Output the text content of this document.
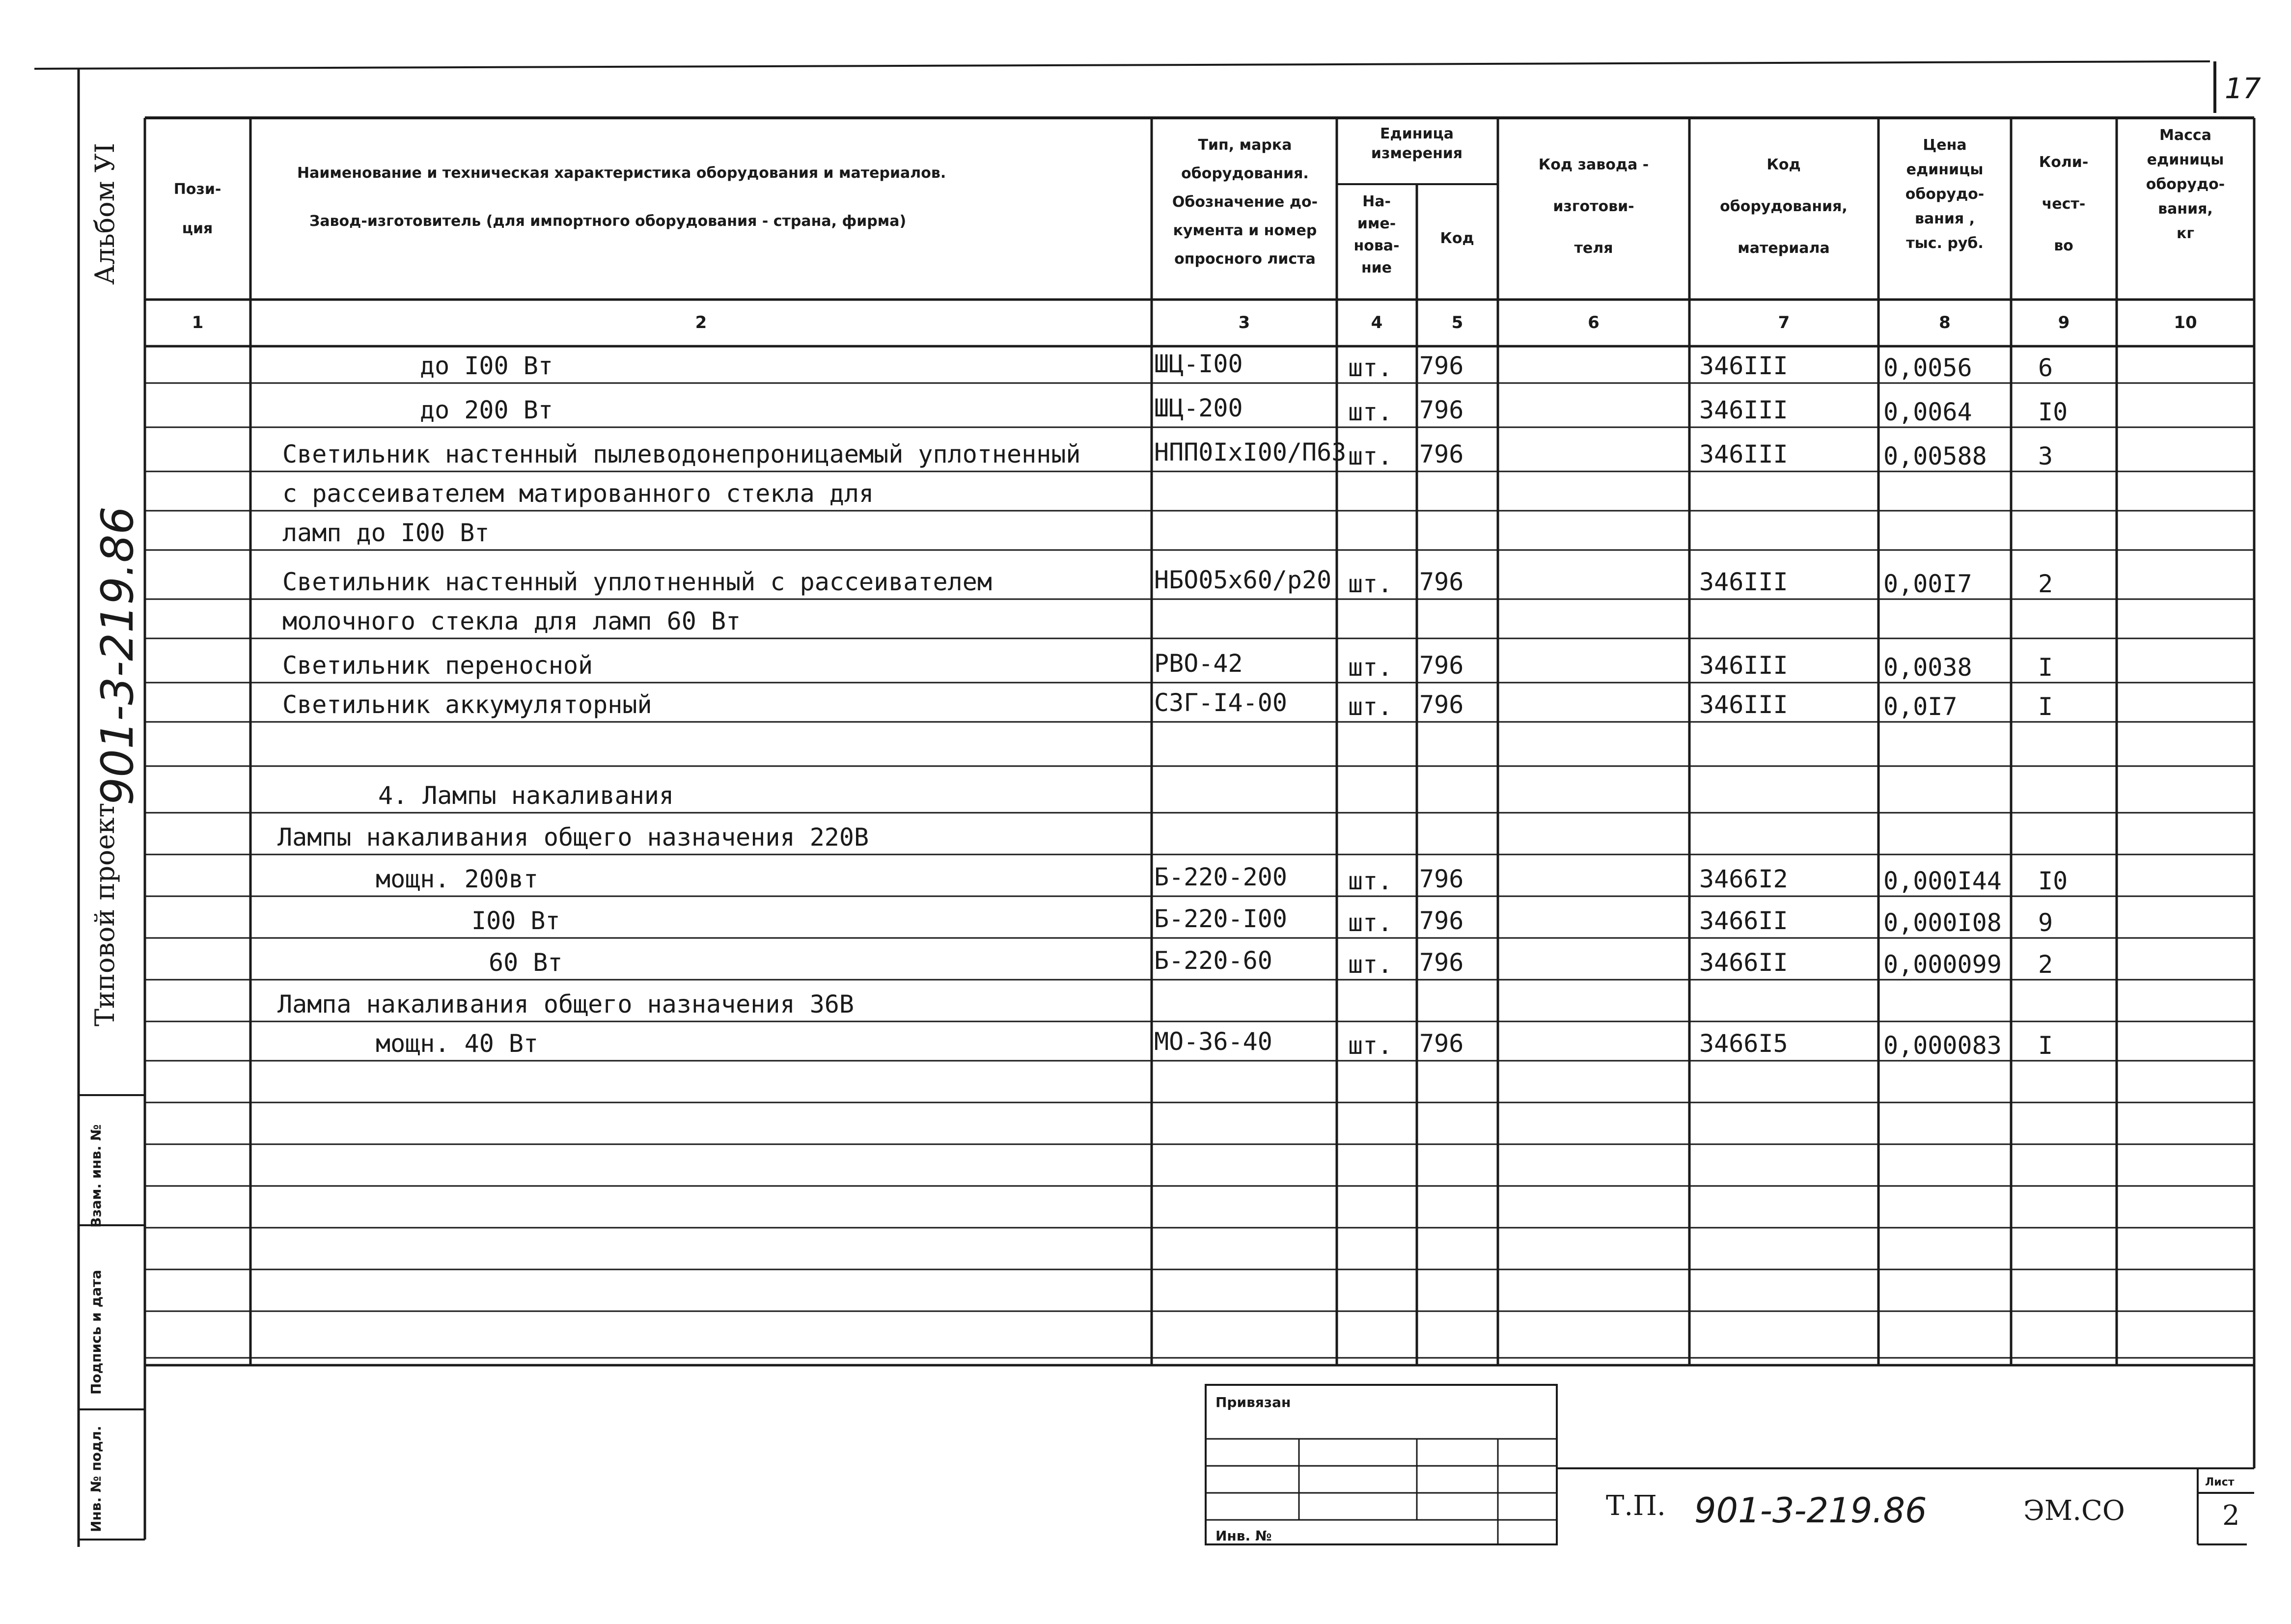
17
Альбом УI
901-3-219.86
Типовой проект
Инв. № подл.
Подпись и дата
Взам. инв. №
Пози-
ция
Наименование и техническая характеристика оборудования и материалов.
Завод-изготовитель (для импортного оборудования - страна, фирма)
Тип, марка
оборудования.
Обозначение до-
кумента и номер
опросного листа
Единица
измерения
На-
име-
нова-
ние
Код
Код завода -
изготови-
теля
Код
оборудования,
материала
Цена
единицы
оборудо-
вания ,
тыс. руб.
Коли-
чест-
во
Масса
единицы
оборудо-
вания,
кг
1	2	3	4	5	6	7	8	9	10
до I00 Вт	ШЦ-I00	шт. 796	346III	0,0056	6
до 200 Вт	ШЦ-200	шт. 796	346III	0,0064	I0
Светильник настенный пылеводонепроницаемый уплотненный	НПП0IxI00/П63 шт. 796	346III	0,00588 3
с рассеивателем матированного стекла для
ламп до I00 Вт
Светильник настенный уплотненный с рассеивателем	НБО05x60/p20 шт. 796	346III	0,00I7	2
молочного стекла для ламп 60 Вт
Светильник переносной	РВО-42	шт. 796	346III	0,0038	I
Светильник аккумуляторный	СЗГ-I4-00 шт. 796	346III	0,0I7	I
4. Лампы накаливания
Лампы накаливания общего назначения 220В
мощн. 200вт	Б-220-200 шт. 796	3466I2	0,000I44 I0
I00 Вт	Б-220-I00 шт. 796	3466II	0,000I08 9
60 Вт	Б-220-60	шт. 796	3466II	0,000099 2
Лампа накаливания общего назначения 36В
мощн. 40 Вт	МО-36-40	шт. 796	3466I5	0,000083 I
Привязан
Инв. №
Т.П. 901-3-219.86	ЭМ.СО
Лист
2
